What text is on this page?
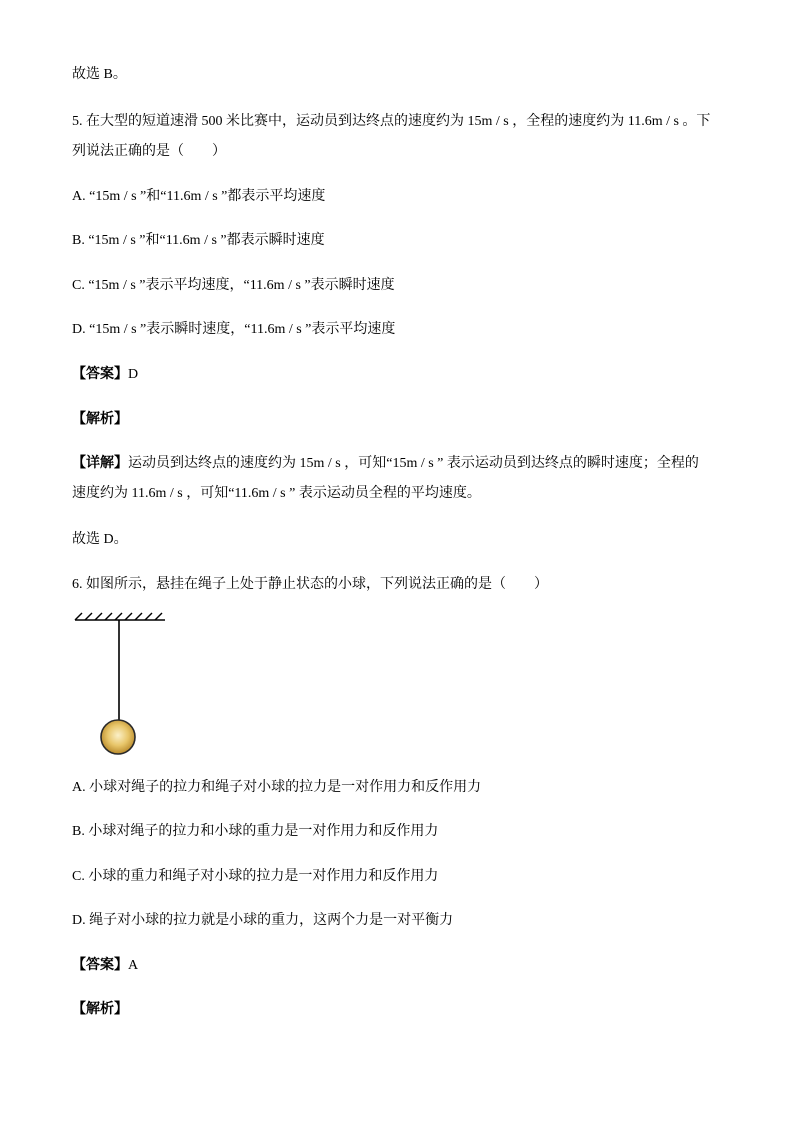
故选 B。
5. 在大型的短道速滑 500 米比赛中，运动员到达终点的速度约为 15m / s ，全程的速度约为 11.6m / s 。下
列说法正确的是（　　）
A. “15m / s ”和“11.6m / s ”都表示平均速度
B. “15m / s ”和“11.6m / s ”都表示瞬时速度
C. “15m / s ”表示平均速度，“11.6m / s ”表示瞬时速度
D. “15m / s ”表示瞬时速度，“11.6m / s ”表示平均速度
【答案】D
【解析】
【详解】运动员到达终点的速度约为 15m / s ，可知“15m / s ” 表示运动员到达终点的瞬时速度；全程的
速度约为 11.6m / s ，可知“11.6m / s ” 表示运动员全程的平均速度。
故选 D。
6. 如图所示，悬挂在绳子上处于静止状态的小球，下列说法正确的是（　　）
A. 小球对绳子的拉力和绳子对小球的拉力是一对作用力和反作用力
B. 小球对绳子的拉力和小球的重力是一对作用力和反作用力
C. 小球的重力和绳子对小球的拉力是一对作用力和反作用力
D. 绳子对小球的拉力就是小球的重力，这两个力是一对平衡力
【答案】A
【解析】
